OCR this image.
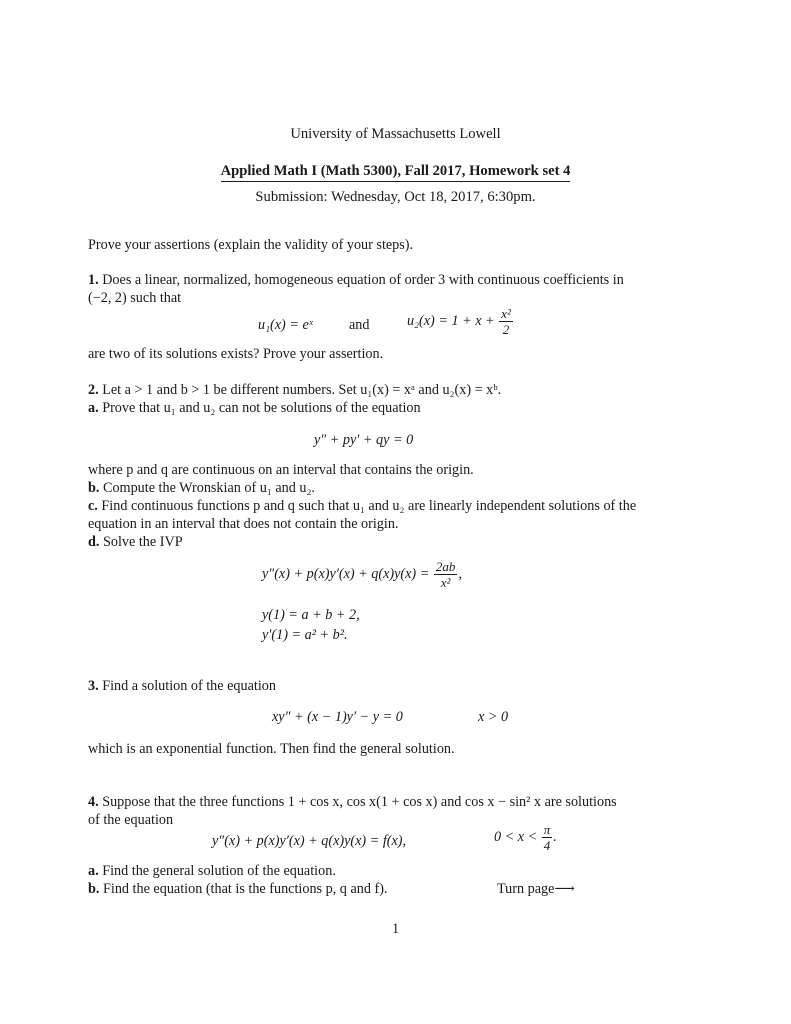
University of Massachusetts Lowell
Applied Math I (Math 5300), Fall 2017, Homework set 4
Submission: Wednesday, Oct 18, 2017, 6:30pm.
Prove your assertions (explain the validity of your steps).
1. Does a linear, normalized, homogeneous equation of order 3 with continuous coefficients in
(−2, 2) such that
u₁(x) = eˣ	and	$u_2(x) = 1 + x + \frac{\text{x²}}{2}$
are two of its solutions exists? Prove your assertion.
2. Let a > 1 and b > 1 be different numbers. Set u₁(x) = xᵃ and u₂(x) = xᵇ.
a. Prove that u₁ and u₂ can not be solutions of the equation
y″ + py′ + qy = 0
where p and q are continuous on an interval that contains the origin.
b. Compute the Wronskian of u₁ and u₂.
c. Find continuous functions p and q such that u₁ and u₂ are linearly independent solutions of the
equation in an interval that does not contain the origin.
d. Solve the IVP
$y''(x) + p(x)y'(x) + q(x)y(x) = \frac{2ab}{\text{x²}}$ ,
y(1) = a + b + 2,
y′(1) = a² + b².
3. Find a solution of the equation
xy″ + (x − 1)y′ − y = 0	x > 0
which is an exponential function. Then find the general solution.
4. Suppose that the three functions 1 + cos x, cos x(1 + cos x) and cos x − sin² x are solutions
of the equation
y″(x) + p(x)y′(x) + q(x)y(x) = f(x),	$0 < x < \frac{\pi}{4}$ .
a. Find the general solution of the equation.
b. Find the equation (that is the functions p, q and f).	Turn page⟶
1
